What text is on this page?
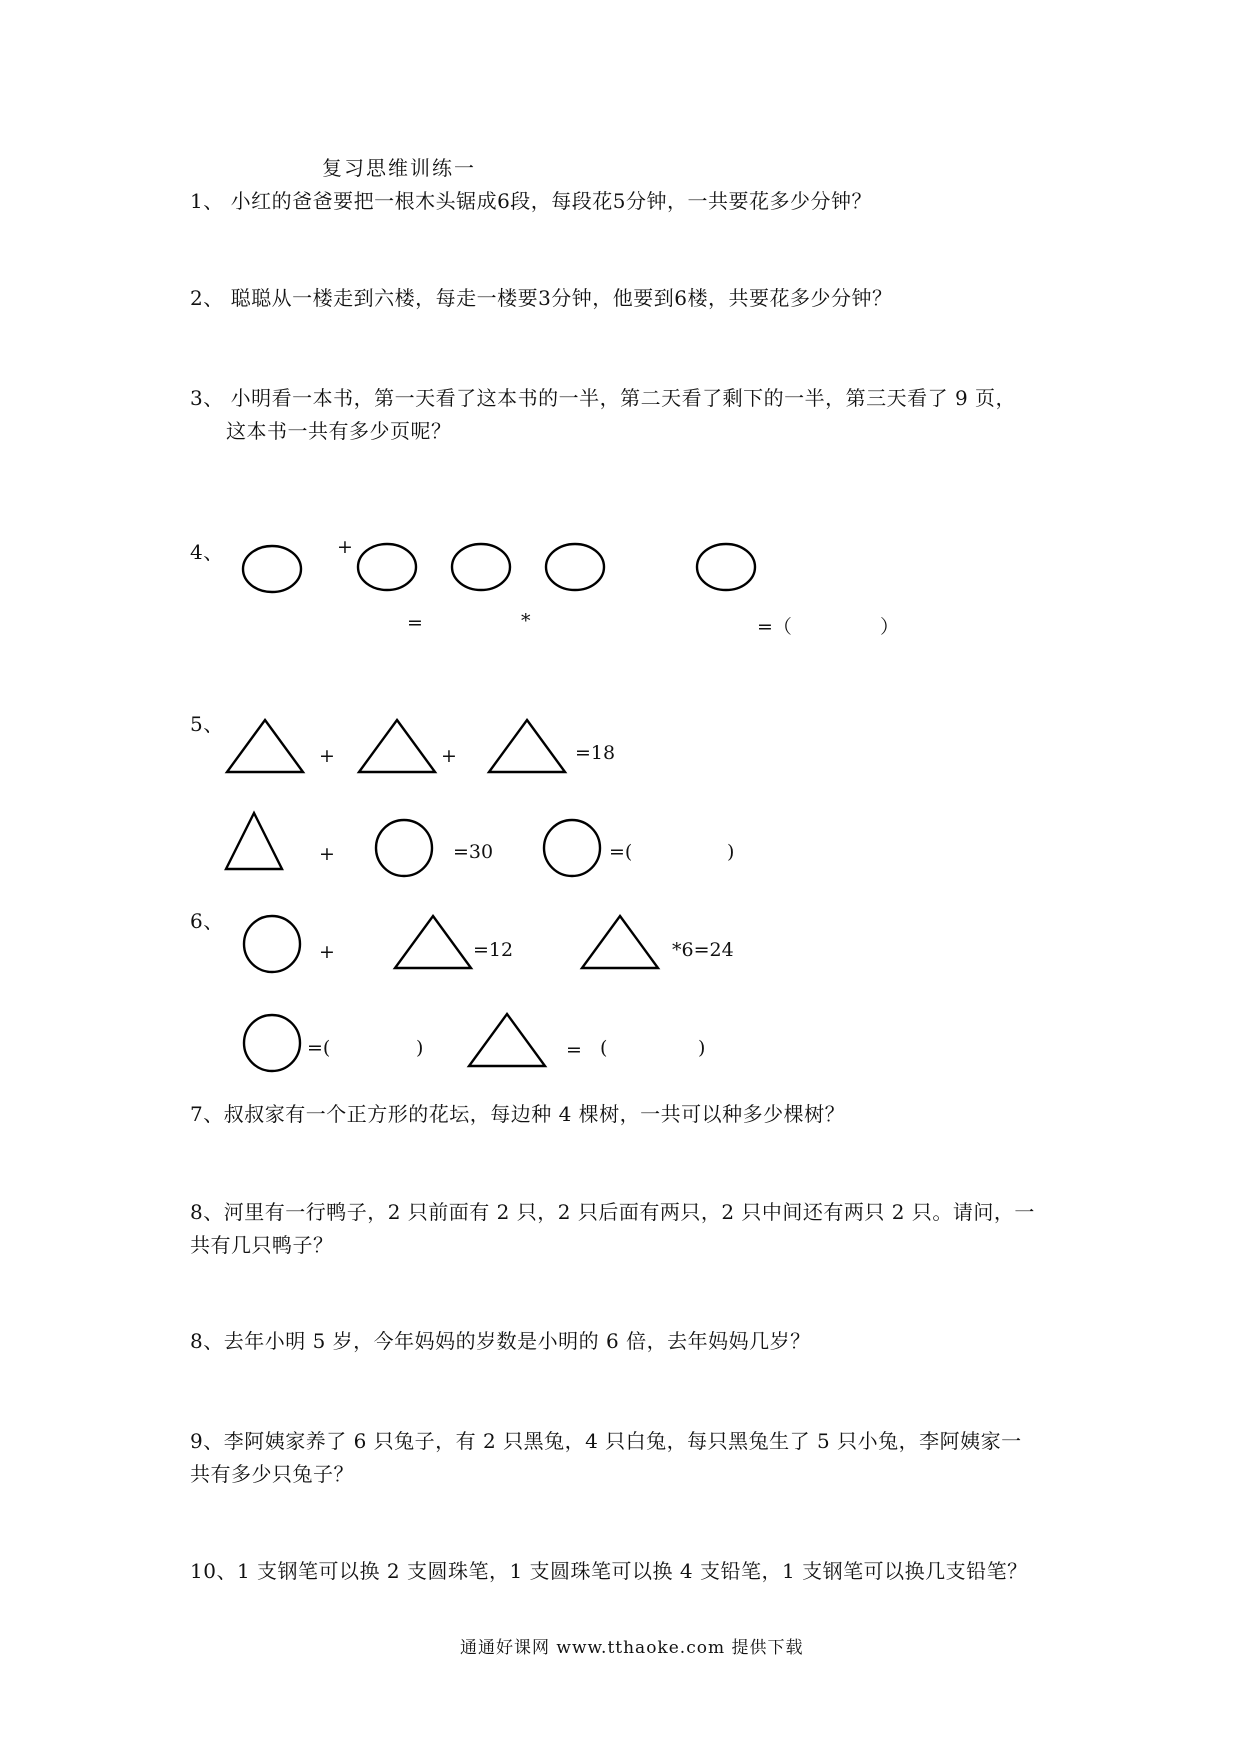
复习思维训练一
1、 小红的爸爸要把一根木头锯成6段，每段花5分钟，一共要花多少分钟？
2、 聪聪从一楼走到六楼，每走一楼要3分钟，他要到6楼，共要花多少分钟？
3、 小明看一本书，第一天看了这本书的一半，第二天看了剩下的一半，第三天看了 9 页，
这本书一共有多少页呢？
4、	+
=	*	=（	）
5、
+	+	=18
+	=30	=(	)
6、
+	=12	*6=24
=(	)	= (	)
7、叔叔家有一个正方形的花坛，每边种 4 棵树，一共可以种多少棵树？
8、河里有一行鸭子，2 只前面有 2 只，2 只后面有两只，2 只中间还有两只 2 只。请问，一
共有几只鸭子？
8、去年小明 5 岁，今年妈妈的岁数是小明的 6 倍，去年妈妈几岁？
9、李阿姨家养了 6 只兔子，有 2 只黑兔，4 只白兔，每只黑兔生了 5 只小兔，李阿姨家一
共有多少只兔子？
10、1 支钢笔可以换 2 支圆珠笔，1 支圆珠笔可以换 4 支铅笔，1 支钢笔可以换几支铅笔？
通通好课网 www.tthaoke.com 提供下载
